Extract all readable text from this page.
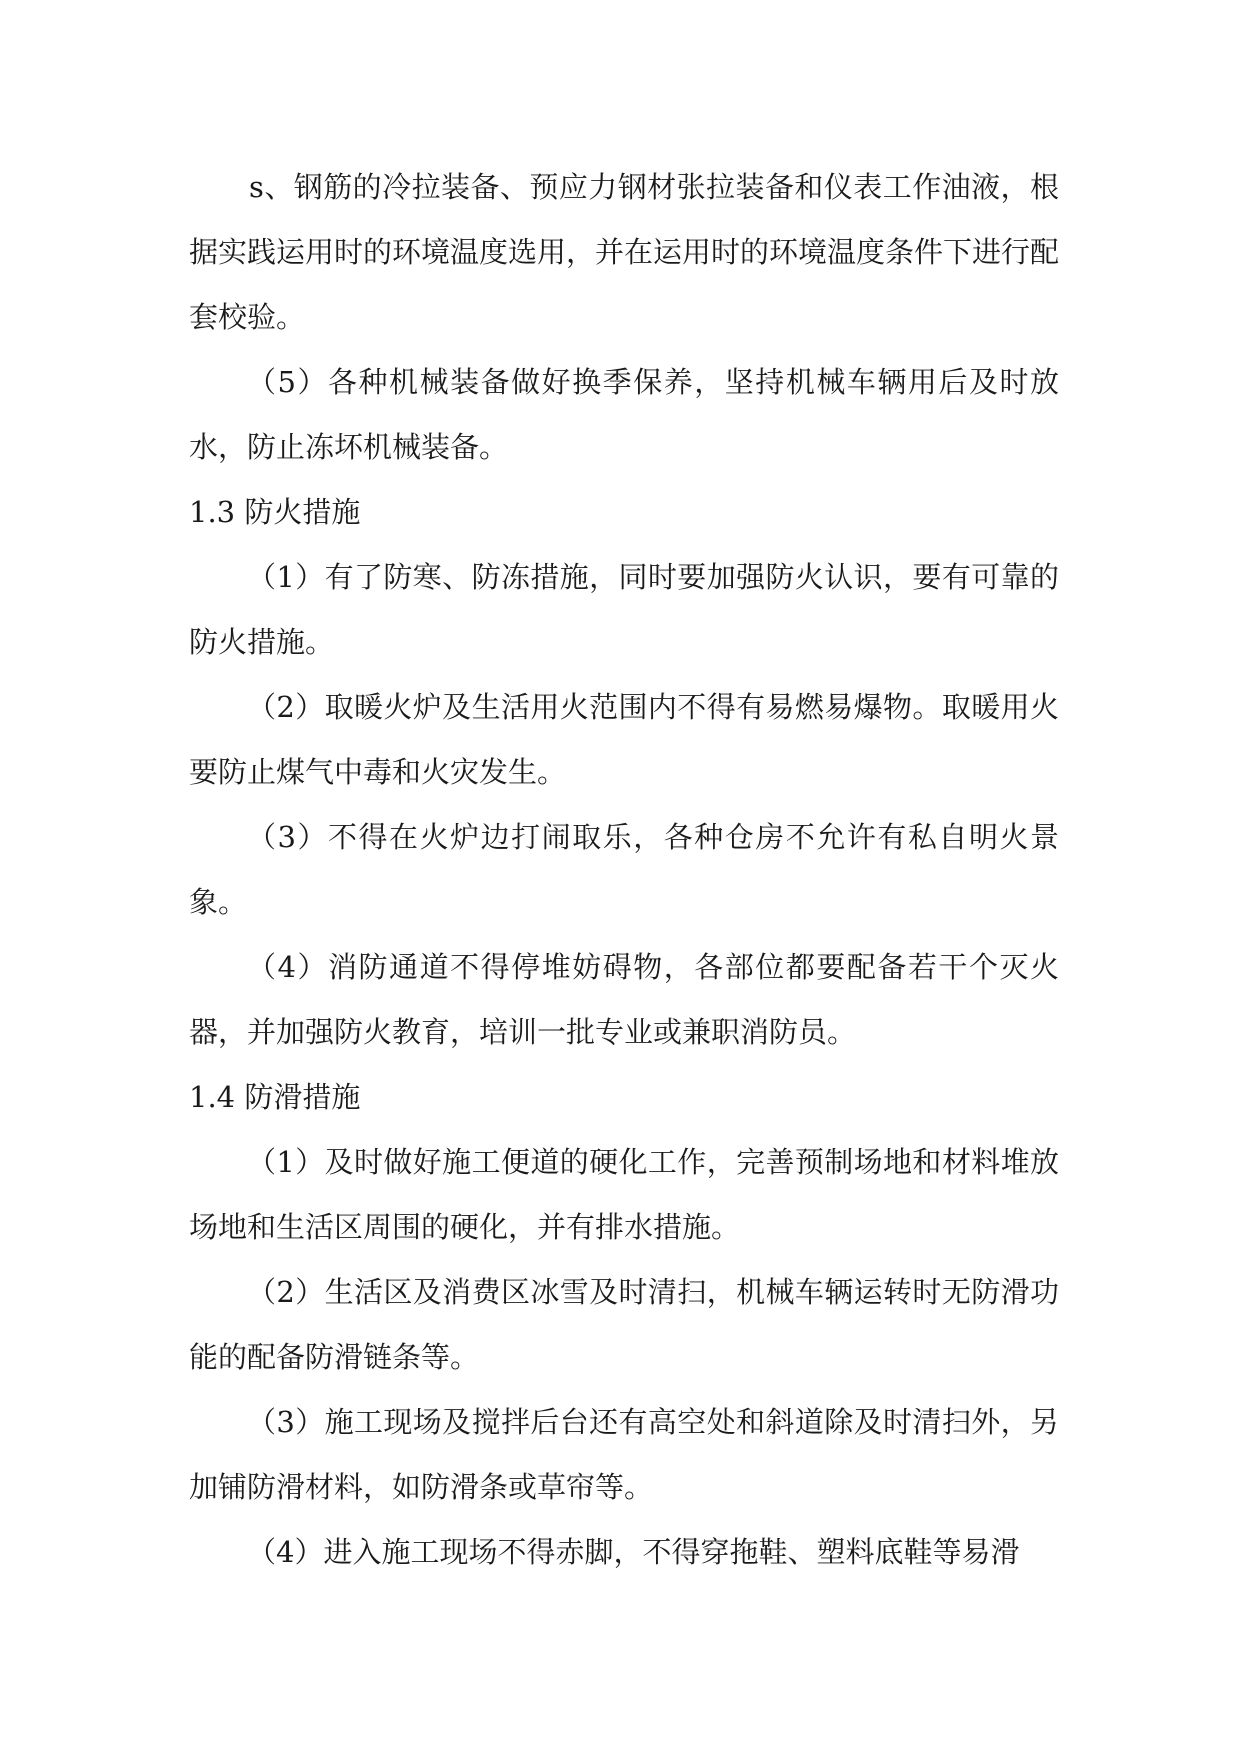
s、钢筋的冷拉装备、预应力钢材张拉装备和仪表工作油液，根据实践运用时的环境温度选用，并在运用时的环境温度条件下进行配套校验。

（5）各种机械装备做好换季保养，坚持机械车辆用后及时放水，防止冻坏机械装备。

1.3 防火措施

（1）有了防寒、防冻措施，同时要加强防火认识，要有可靠的防火措施。

（2）取暖火炉及生活用火范围内不得有易燃易爆物。取暖用火要防止煤气中毒和火灾发生。

（3）不得在火炉边打闹取乐，各种仓房不允许有私自明火景象。

（4）消防通道不得停堆妨碍物，各部位都要配备若干个灭火器，并加强防火教育，培训一批专业或兼职消防员。

1.4 防滑措施

（1）及时做好施工便道的硬化工作，完善预制场地和材料堆放场地和生活区周围的硬化，并有排水措施。

（2）生活区及消费区冰雪及时清扫，机械车辆运转时无防滑功能的配备防滑链条等。

（3）施工现场及搅拌后台还有高空处和斜道除及时清扫外，另加铺防滑材料，如防滑条或草帘等。

（4）进入施工现场不得赤脚，不得穿拖鞋、塑料底鞋等易滑
